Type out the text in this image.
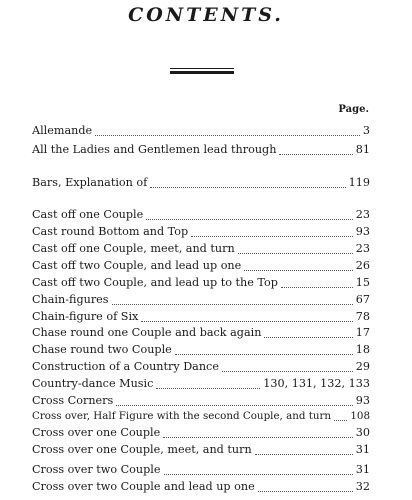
CONTENTS.
Page.
Allemande	3
All the Ladies and Gentlemen lead through	81
Bars, Explanation of	119
Cast off one Couple	23
Cast round Bottom and Top	93
Cast off one Couple, meet, and turn	23
Cast off two Couple, and lead up one	26
Cast off two Couple, and lead up to the Top	15
Chain-figures	67
Chain-figure of Six	78
Chase round one Couple and back again	17
Chase round two Couple	18
Construction of a Country Dance	29
Country-dance Music	130, 131, 132, 133
Cross Corners	93
Cross over, Half Figure with the second Couple, and turn 108
Cross over one Couple	30
Cross over one Couple, meet, and turn	31
Cross over two Couple	31
Cross over two Couple and lead up one	32
